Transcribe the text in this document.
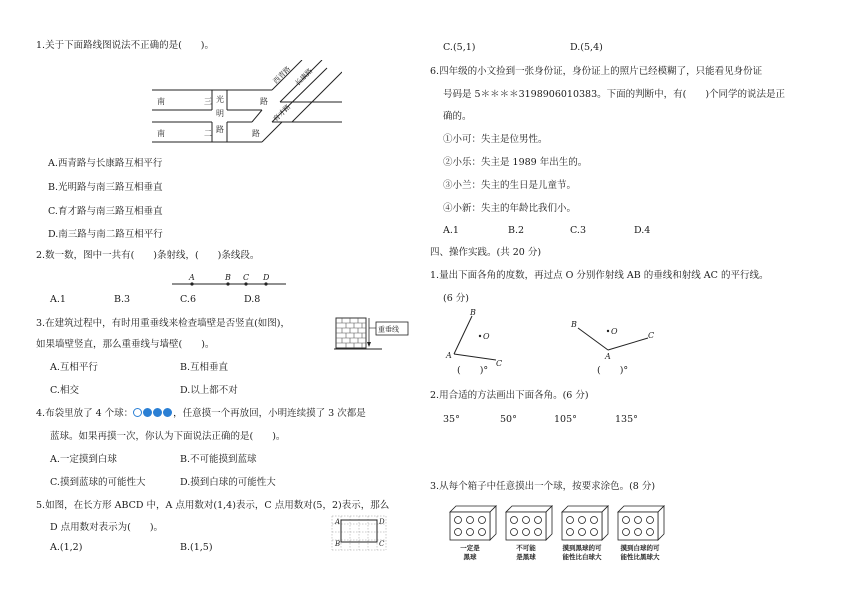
1.关于下面路线图说法不正确的是(　　)。
南	三	路
光
明
路
南	二	路
西青路 长康路
育才路
A.西青路与长康路互相平行
B.光明路与南三路互相垂直
C.育才路与南三路互相垂直
D.南三路与南二路互相平行
2.数一数，图中一共有(　　)条射线，(　　)条线段。
A	B C D
A.1	B.3	C.6	D.8
3.在建筑过程中，有时用重垂线来检查墙壁是否竖直(如图)，
如果墙壁竖直，那么重垂线与墙壁(　　)。
重垂线
A.互相平行	B.互相垂直
C.相交	D.以上都不对
4.布袋里放了 4 个球：	，任意摸一个再放回，小明连续摸了 3 次都是
蓝球。如果再摸一次，你认为下面说法正确的是(　　)。
A.一定摸到白球	B.不可能摸到蓝球
C.摸到蓝球的可能性大	D.摸到白球的可能性大
5.如图，在长方形 ABCD 中，A 点用数对(1,4)表示，C 点用数对(5，2)表示，那么
D 点用数对表示为(　　)。	A	D
B	C
A.(1,2)	B.(1,5)
C.(5,1)	D.(5,4)
6.四年级的小文捡到一张身份证，身份证上的照片已经模糊了，只能看见身份证
号码是 5＊＊＊＊3198906010383。下面的判断中，有(　　)个同学的说法是正
确的。
①小可：失主是位男性。
②小乐：失主是 1989 年出生的。
③小兰：失主的生日是儿童节。
④小新：失主的年龄比我们小。
A.1	B.2	C.3	D.4
四、操作实践。(共 20 分)
1.量出下面各角的度数，再过点 O 分别作射线 AB 的垂线和射线 AC 的平行线。
(6 分)
B
O
A
C
(　　)°
B
O
A
C
(　　)°
2.用合适的方法画出下面各角。(6 分)
35°	50°	105°	135°
3.从每个箱子中任意摸出一个球，按要求涂色。(8 分)
一定是
黑球
不可能
是黑球
摸到黑球的可
能性比白球大
摸到白球的可
能性比黑球大
